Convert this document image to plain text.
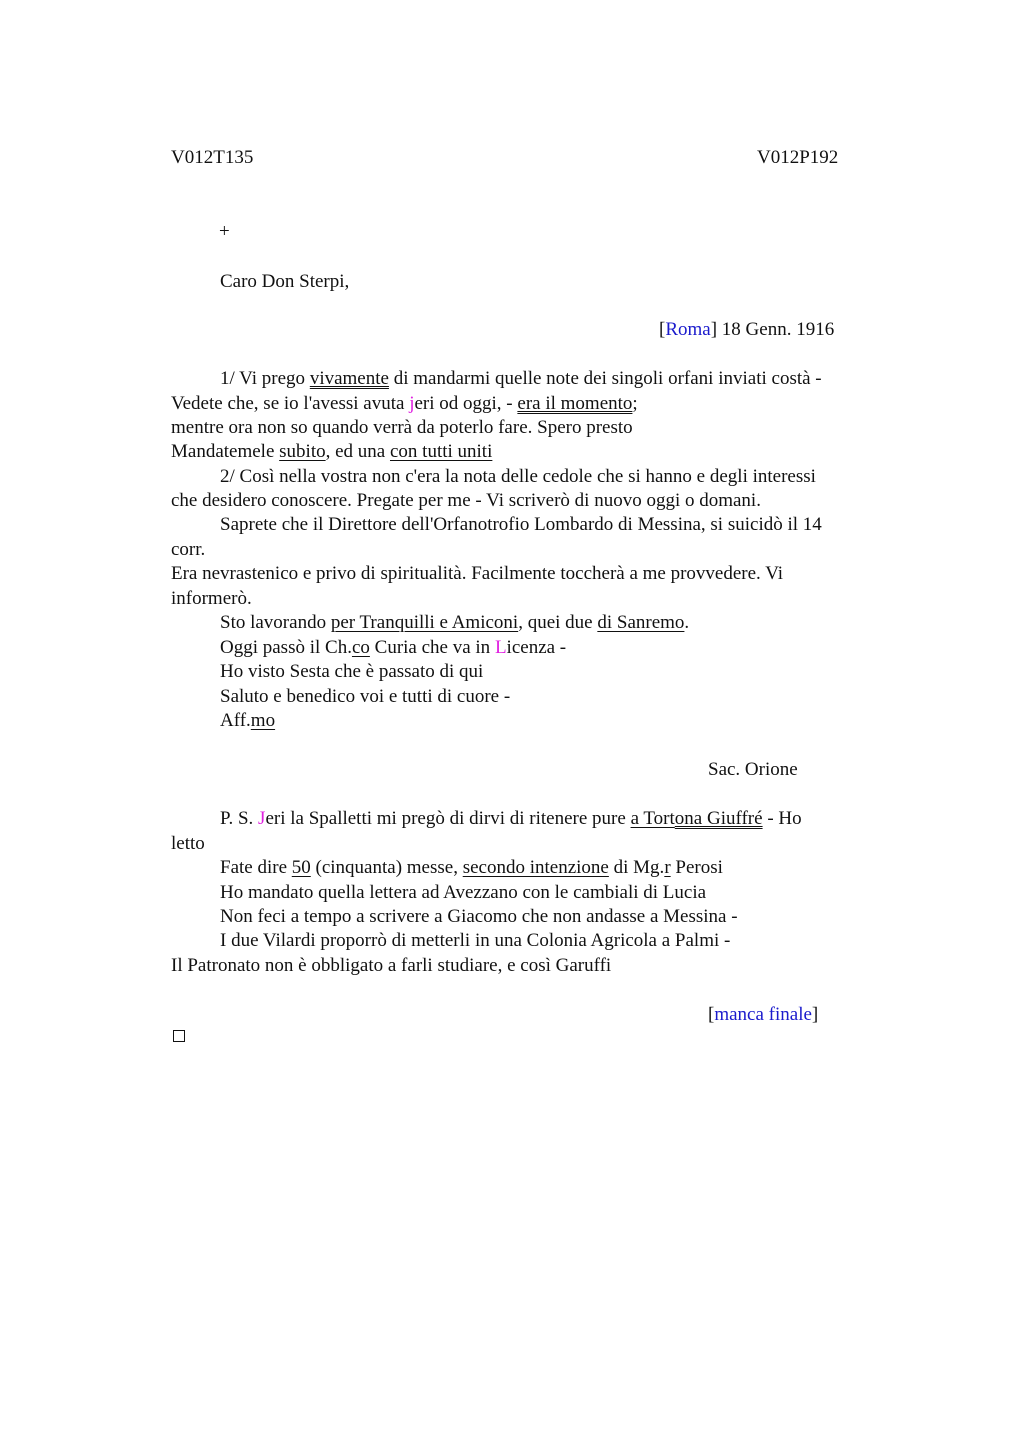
V012T135	V012P192
+
Caro Don Sterpi,
[Roma] 18 Genn. 1916
1/ Vi prego vivamente di mandarmi quelle note dei singoli orfani inviati costà -
Vedete che, se io l'avessi avuta jeri od oggi, - era il momento;
mentre ora non so quando verrà da poterlo fare. Spero presto
Mandatemele subito, ed una con tutti uniti
2/ Così nella vostra non c'era la nota delle cedole che si hanno e degli interessi
che desidero conoscere. Pregate per me - Vi scriverò di nuovo oggi o domani.
Saprete che il Direttore dell'Orfanotrofio Lombardo di Messina, si suicidò il 14
corr.
Era nevrastenico e privo di spiritualità. Facilmente toccherà a me provvedere. Vi
informerò.
Sto lavorando per Tranquilli e Amiconi, quei due di Sanremo.
Oggi passò il Ch.co Curia che va in Licenza -
Ho visto Sesta che è passato di qui
Saluto e benedico voi e tutti di cuore -
Aff.mo
Sac. Orione
P. S. Jeri la Spalletti mi pregò di dirvi di ritenere pure a Tortona Giuffré - Ho
letto
Fate dire 50 (cinquanta) messe, secondo intenzione di Mg.r Perosi
Ho mandato quella lettera ad Avezzano con le cambiali di Lucia
Non feci a tempo a scrivere a Giacomo che non andasse a Messina -
I due Vilardi proporrò di metterli in una Colonia Agricola a Palmi -
Il Patronato non è obbligato a farli studiare, e così Garuffi
[manca finale]
